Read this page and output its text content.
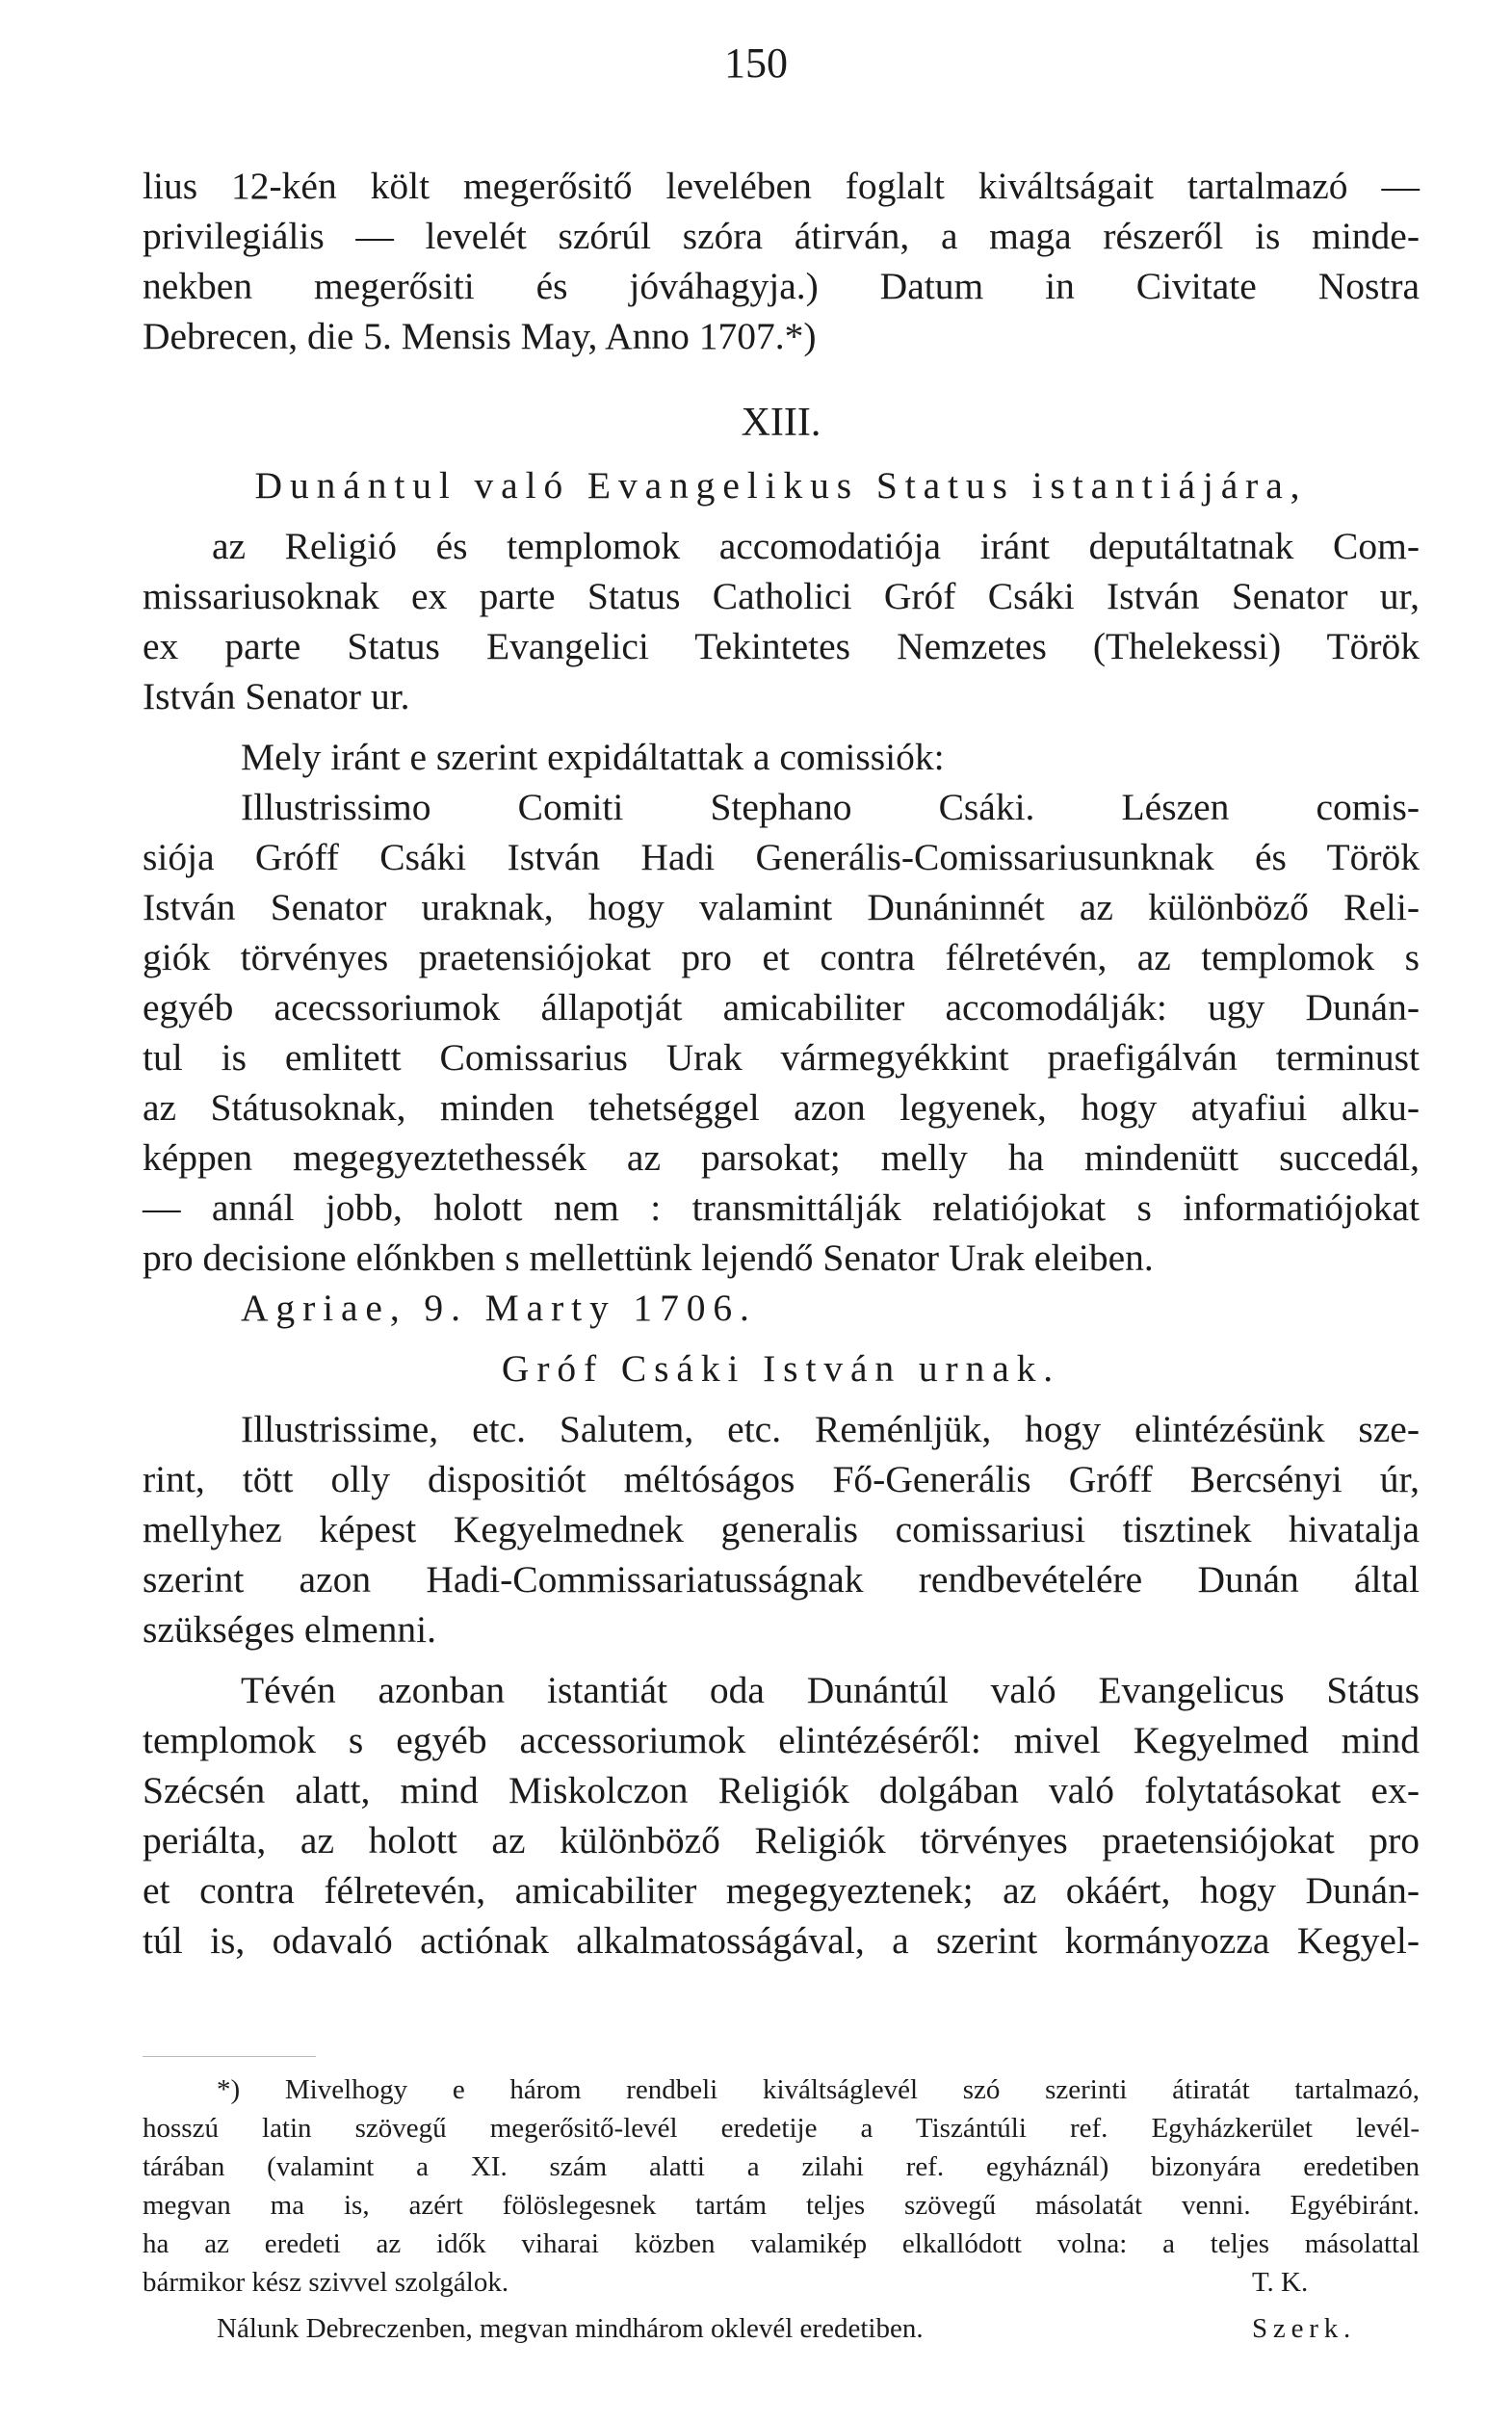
150
lius 12-kén költ megerősitő levelében foglalt kiváltságait tartalmazó —
privilegiális — levelét szórúl szóra átirván, a maga részeről is minde-
nekben megerősiti és jóváhagyja.) Datum in Civitate Nostra
Debrecen, die 5. Mensis May, Anno 1707.*)
XIII.
Dunántul való Evangelikus Status istantiájára,
az Religió és templomok accomodatiója iránt deputáltatnak Com-
missariusoknak ex parte Status Catholici Gróf Csáki István Senator ur,
ex parte Status Evangelici Tekintetes Nemzetes (Thelekessi) Török
István Senator ur.
Mely iránt e szerint expidáltattak a comissiók:
Illustrissimo Comiti Stephano Csáki. Lészen comis-
siója Gróff Csáki István Hadi Generális-Comissariusunknak és Török
István Senator uraknak, hogy valamint Dunáninnét az különböző Reli-
giók törvényes praetensiójokat pro et contra félretévén, az templomok s
egyéb acecssoriumok állapotját amicabiliter accomodálják: ugy Dunán-
tul is emlitett Comissarius Urak vármegyékkint praefigálván terminust
az Státusoknak, minden tehetséggel azon legyenek, hogy atyafiui alku-
képpen megegyeztethessék az parsokat; melly ha mindenütt succedál,
— annál jobb, holott nem : transmittálják relatiójokat s informatiójokat
pro decisione előnkben s mellettünk lejendő Senator Urak eleiben.
Agriae, 9. Marty 1706.
Gróf Csáki István urnak.
Illustrissime, etc. Salutem, etc. Reménljük, hogy elintézésünk sze-
rint, tött olly dispositiót méltóságos Fő-Generális Gróff Bercsényi úr,
mellyhez képest Kegyelmednek generalis comissariusi tisztinek hivatalja
szerint azon Hadi-Commissariatusságnak rendbevételére Dunán által
szükséges elmenni.
Tévén azonban istantiát oda Dunántúl való Evangelicus Státus
templomok s egyéb accessoriumok elintézéséről: mivel Kegyelmed mind
Szécsén alatt, mind Miskolczon Religiók dolgában való folytatásokat ex-
periálta, az holott az különböző Religiók törvényes praetensiójokat pro
et contra félretevén, amicabiliter megegyeztenek; az okáért, hogy Dunán-
túl is, odavaló actiónak alkalmatosságával, a szerint kormányozza Kegyel-
*) Mivelhogy e három rendbeli kiváltságlevél szó szerinti átiratát tartalmazó,
hosszú latin szövegű megerősitő-levél eredetije a Tiszántúli ref. Egyházkerület levél-
tárában (valamint a XI. szám alatti a zilahi ref. egyháznál) bizonyára eredetiben
megvan ma is, azért fölöslegesnek tartám teljes szövegű másolatát venni. Egyébiránt.
ha az eredeti az idők viharai közben valamikép elkallódott volna: a teljes másolattal
bármikor kész szivvel szolgálok.	T. K.
Nálunk Debreczenben, megvan mindhárom oklevél eredetiben.	Szerk.
